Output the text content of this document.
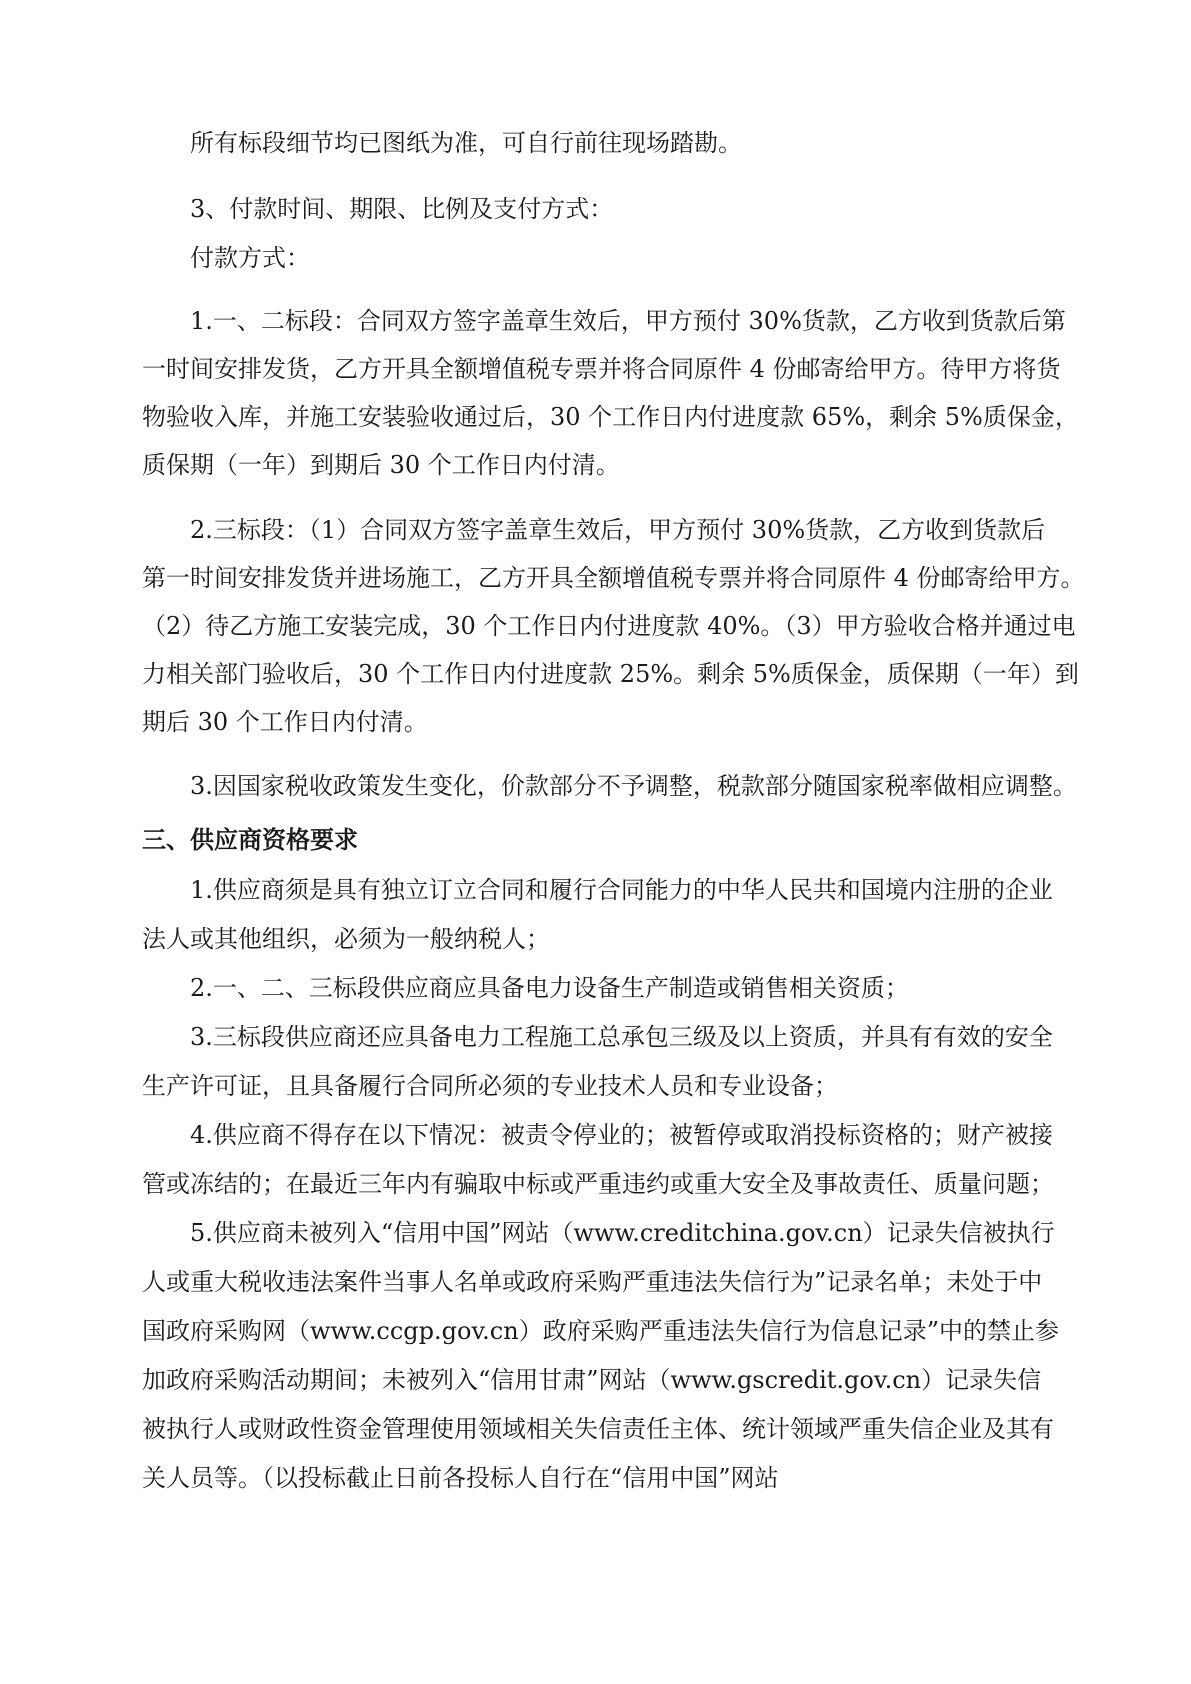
所有标段细节均已图纸为准，可自行前往现场踏勘。
3、付款时间、期限、比例及支付方式：
付款方式：
1.一、二标段：合同双方签字盖章生效后，甲方预付 30%货款，乙方收到货款后第
一时间安排发货，乙方开具全额增值税专票并将合同原件 4 份邮寄给甲方。待甲方将货
物验收入库，并施工安装验收通过后，30 个工作日内付进度款 65%，剩余 5%质保金，
质保期（一年）到期后 30 个工作日内付清。
2.三标段：（1）合同双方签字盖章生效后，甲方预付 30%货款，乙方收到货款后
第一时间安排发货并进场施工，乙方开具全额增值税专票并将合同原件 4 份邮寄给甲方。
（2）待乙方施工安装完成，30 个工作日内付进度款 40%。（3）甲方验收合格并通过电
力相关部门验收后，30 个工作日内付进度款 25%。剩余 5%质保金，质保期（一年）到
期后 30 个工作日内付清。
3.因国家税收政策发生变化，价款部分不予调整，税款部分随国家税率做相应调整。
三、供应商资格要求
1.供应商须是具有独立订立合同和履行合同能力的中华人民共和国境内注册的企业
法人或其他组织，必须为一般纳税人；
2.一、二、三标段供应商应具备电力设备生产制造或销售相关资质；
3.三标段供应商还应具备电力工程施工总承包三级及以上资质，并具有有效的安全
生产许可证，且具备履行合同所必须的专业技术人员和专业设备；
4.供应商不得存在以下情况：被责令停业的；被暂停或取消投标资格的；财产被接
管或冻结的；在最近三年内有骗取中标或严重违约或重大安全及事故责任、质量问题；
5.供应商未被列入“信用中国”网站（www.creditchina.gov.cn）记录失信被执行
人或重大税收违法案件当事人名单或政府采购严重违法失信行为”记录名单；未处于中
国政府采购网（www.ccgp.gov.cn）政府采购严重违法失信行为信息记录”中的禁止参
加政府采购活动期间；未被列入“信用甘肃”网站（www.gscredit.gov.cn）记录失信
被执行人或财政性资金管理使用领域相关失信责任主体、统计领域严重失信企业及其有
关人员等。（以投标截止日前各投标人自行在“信用中国”网站
